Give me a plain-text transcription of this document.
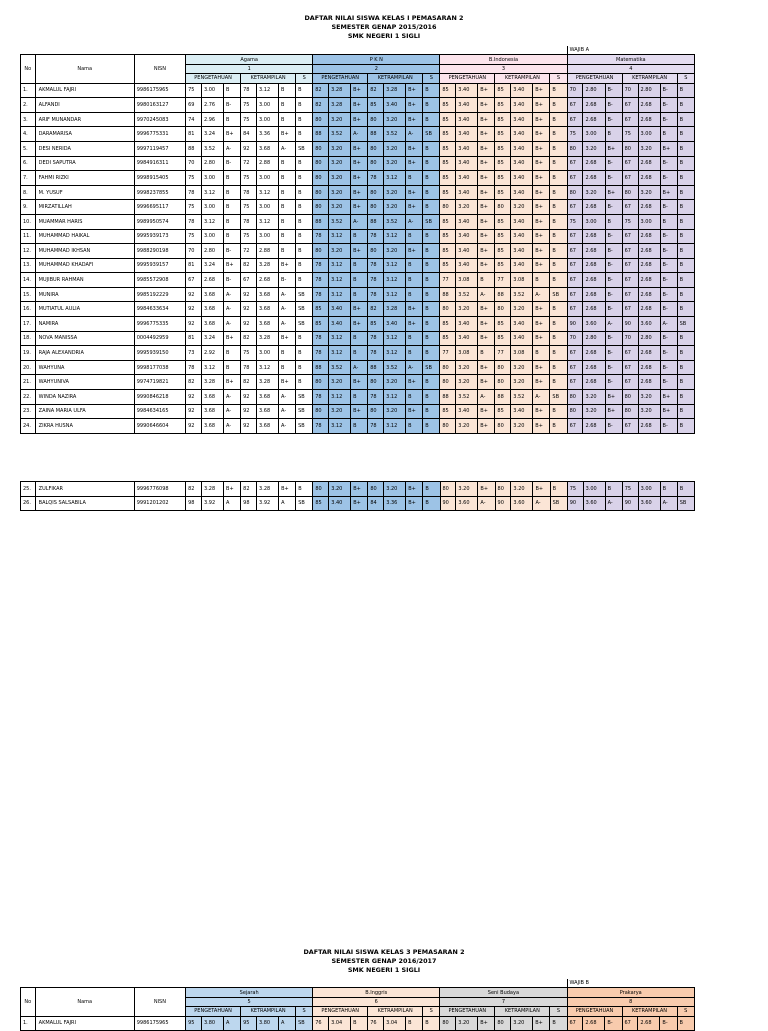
DAFTAR NILAI SISWA KELAS I PEMASARAN 2
SEMESTER GENAP 2015/2016
SMK NEGERI 1 SIGLI
																								WAJIB A						
No	Nama	NISN	Agama							P K N							B.Indonesia							Matematika						
			1							2							3							4						
			PENGETAHUAN			KETRAMPILAN			S	PENGETAHUAN			KETRAMPILAN			S	PENGETAHUAN			KETRAMPILAN			S	PENGETAHUAN			KETRAMPILAN			S
1.	AKMALUL FAJRI	9986175965	75	3.00	B	78	3.12	B	B	82	3.28	B+	82	3.28	B+	B	85	3.40	B+	85	3.40	B+	B	70	2.80	B-	70	2.80	B-	B
2.	ALFANDI	9980163127	69	2.76	B-	75	3.00	B	B	82	3.28	B+	85	3.40	B+	B	85	3.40	B+	85	3.40	B+	B	67	2.68	B-	67	2.68	B-	B
3.	ARIF MUNANDAR	9970245083	74	2.96	B	75	3.00	B	B	80	3.20	B+	80	3.20	B+	B	85	3.40	B+	85	3.40	B+	B	67	2.68	B-	67	2.68	B-	B
4.	DARAMARISA	9996775331	81	3.24	B+	84	3.36	B+	B	88	3.52	A-	88	3.52	A-	SB	85	3.40	B+	85	3.40	B+	B	75	3.00	B	75	3.00	B	B
5.	DESI NERIDA	9997119457	88	3.52	A-	92	3.68	A-	SB	80	3.20	B+	80	3.20	B+	B	85	3.40	B+	85	3.40	B+	B	80	3.20	B+	80	3.20	B+	B
6.	DEDI SAPUTRA	9984916311	70	2.80	B-	72	2.88	B	B	80	3.20	B+	80	3.20	B+	B	85	3.40	B+	85	3.40	B+	B	67	2.68	B-	67	2.68	B-	B
7.	FAHMI RIZKI	9998915405	75	3.00	B	75	3.00	B	B	80	3.20	B+	78	3.12	B	B	85	3.40	B+	85	3.40	B+	B	67	2.68	B-	67	2.68	B-	B
8.	M. YUSUF	9998237855	78	3.12	B	78	3.12	B	B	80	3.20	B+	80	3.20	B+	B	85	3.40	B+	85	3.40	B+	B	80	3.20	B+	80	3.20	B+	B
9.	MIRZATILLAH	9996695117	75	3.00	B	75	3.00	B	B	80	3.20	B+	80	3.20	B+	B	80	3.20	B+	80	3.20	B+	B	67	2.68	B-	67	2.68	B-	B
10.	MUAMMAR HARIS	9989950574	78	3.12	B	78	3.12	B	B	88	3.52	A-	88	3.52	A-	SB	85	3.40	B+	85	3.40	B+	B	75	3.00	B	75	3.00	B	B
11.	MUHAMMAD HAIKAL	9995939173	75	3.00	B	75	3.00	B	B	78	3.12	B	78	3.12	B	B	85	3.40	B+	85	3.40	B+	B	67	2.68	B-	67	2.68	B-	B
12.	MUHAMMAD IKHSAN	9988290198	70	2.80	B-	72	2.88	B	B	80	3.20	B+	80	3.20	B+	B	85	3.40	B+	85	3.40	B+	B	67	2.68	B-	67	2.68	B-	B
13.	MUHAMMAD KHADAFI	9995939157	81	3.24	B+	82	3.28	B+	B	78	3.12	B	78	3.12	B	B	85	3.40	B+	85	3.40	B+	B	67	2.68	B-	67	2.68	B-	B
14.	MUJIBUR RAHMAN	9985572908	67	2.68	B-	67	2.68	B-	B	78	3.12	B	78	3.12	B	B	77	3.08	B	77	3.08	B	B	67	2.68	B-	67	2.68	B-	B
15.	MUNIRA	9985192229	92	3.68	A-	92	3.68	A-	SB	78	3.12	B	78	3.12	B	B	88	3.52	A-	88	3.52	A-	SB	67	2.68	B-	67	2.68	B-	B
16.	MUTIATUL AULIA	9984633634	92	3.68	A-	92	3.68	A-	SB	85	3.40	B+	82	3.28	B+	B	80	3.20	B+	80	3.20	B+	B	67	2.68	B-	67	2.68	B-	B
17.	NAMIRA	9996775335	92	3.68	A-	92	3.68	A-	SB	85	3.40	B+	85	3.40	B+	B	85	3.40	B+	85	3.40	B+	B	90	3.60	A-	90	3.60	A-	SB
18.	NOVA MANISSA	0004492959	81	3.24	B+	82	3.28	B+	B	78	3.12	B	78	3.12	B	B	85	3.40	B+	85	3.40	B+	B	70	2.80	B-	70	2.80	B-	B
19.	RAJA ALEXANDRIA	9995939150	73	2.92	B	75	3.00	B	B	78	3.12	B	78	3.12	B	B	77	3.08	B	77	3.08	B	B	67	2.68	B-	67	2.68	B-	B
20.	WAHYUNA	9998177038	78	3.12	B	78	3.12	B	B	88	3.52	A-	88	3.52	A-	SB	80	3.20	B+	80	3.20	B+	B	67	2.68	B-	67	2.68	B-	B
21.	WAHYUNIVA	9974719821	82	3.28	B+	82	3.28	B+	B	80	3.20	B+	80	3.20	B+	B	80	3.20	B+	80	3.20	B+	B	67	2.68	B-	67	2.68	B-	B
22.	WINDA NAZIRA	9990846218	92	3.68	A-	92	3.68	A-	SB	78	3.12	B	78	3.12	B	B	88	3.52	A-	88	3.52	A-	SB	80	3.20	B+	80	3.20	B+	B
23.	ZAINA MARIA ULFA	9984634165	92	3.68	A-	92	3.68	A-	SB	80	3.20	B+	80	3.20	B+	B	85	3.40	B+	85	3.40	B+	B	80	3.20	B+	80	3.20	B+	B
24.	ZIKRA HUSNA	9990646604	92	3.68	A-	92	3.68	A-	SB	78	3.12	B	78	3.12	B	B	80	3.20	B+	80	3.20	B+	B	67	2.68	B-	67	2.68	B-	B
25.	ZULFIKAR	9996776098	82	3.28	B+	82	3.28	B+	B	80	3.20	B+	80	3.20	B+	B	80	3.20	B+	80	3.20	B+	B	75	3.00	B	75	3.00	B	B
26.	BALQIS SALSABILA	9991201202	98	3.92	A	98	3.92	A	SB	85	3.40	B+	84	3.36	B+	B	90	3.60	A-	90	3.60	A-	SB	90	3.60	A-	90	3.60	A-	SB
DAFTAR NILAI SISWA KELAS 3 PEMASARAN 2
SEMESTER GENAP 2016/2017
SMK NEGERI 1 SIGLI
																								WAJIB B						
No	Nama	NISN	Sejarah							B.Inggris							Seni Budaya							Prakarya						
			5							6							7							8						
			PENGETAHUAN			KETRAMPILAN			S	PENGETAHUAN			KETRAMPILAN			S	PENGETAHUAN			KETRAMPILAN			S	PENGETAHUAN			KETRAMPILAN			S
1.	AKMALUL FAJRI	9986175965	95	3.80	A	95	3.80	A	SB	76	3.04	B	76	3.04	B	B	80	3.20	B+	80	3.20	B+	B	67	2.68	B-	67	2.68	B-	B
